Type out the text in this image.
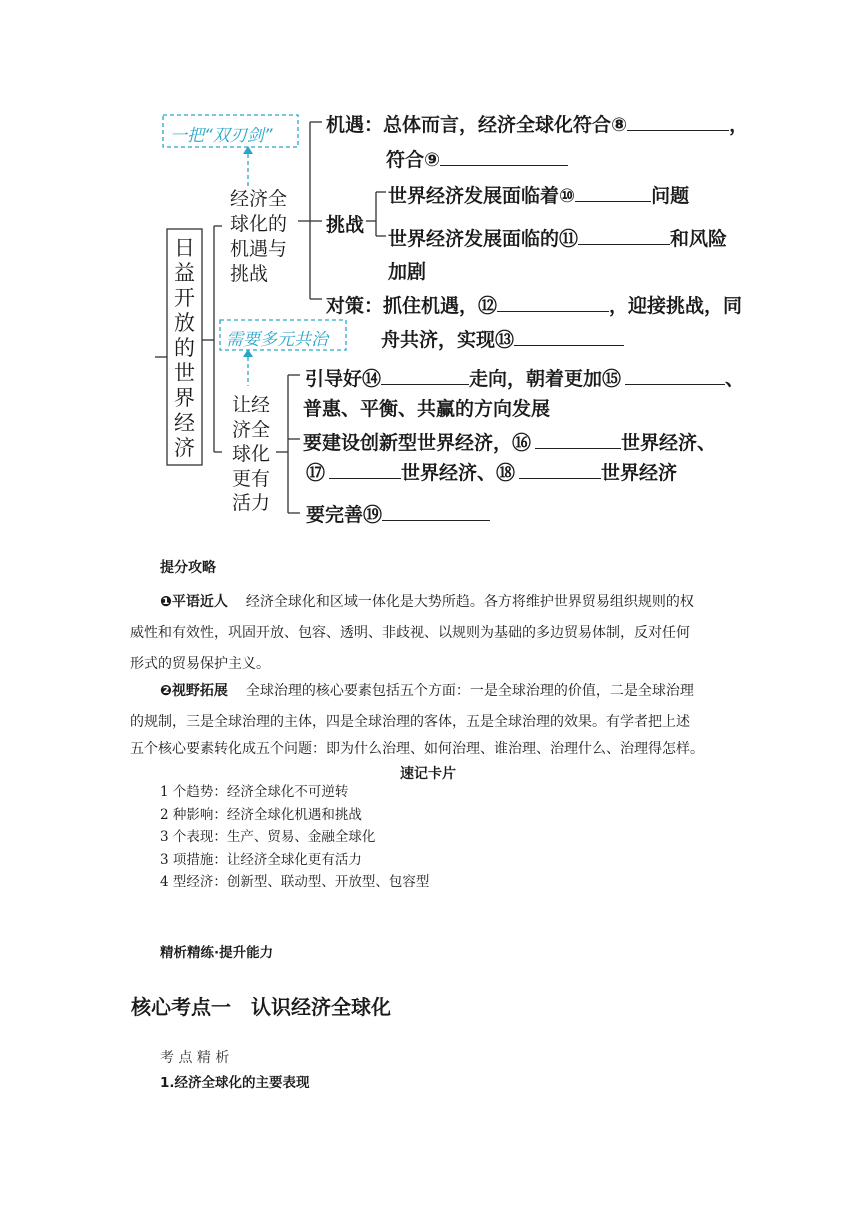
日益开放的世界经济
一把“双刃剑”
需要多元共治
经济全
球化的
机遇与
挑战
机遇：总体而言，经济全球化符合⑧	，
符合⑨
挑战
世界经济发展面临着⑩	问题
世界经济发展面临的⑪	和风险
加剧
对策：抓住机遇，⑫	，迎接挑战，同
舟共济，实现⑬
让经
济全
球化
更有
活力
引导好⑭	走向，朝着更加⑮	、
普惠、平衡、共赢的方向发展
要建设创新型世界经济，⑯	世界经济、
⑰	世界经济、⑱	世界经济
要完善⑲
提分攻略
❶平语近人 经济全球化和区域一体化是大势所趋。各方将维护世界贸易组织规则的权
威性和有效性，巩固开放、包容、透明、非歧视、以规则为基础的多边贸易体制，反对任何
形式的贸易保护主义。
❷视野拓展 全球治理的核心要素包括五个方面：一是全球治理的价值，二是全球治理
的规制，三是全球治理的主体，四是全球治理的客体，五是全球治理的效果。有学者把上述
五个核心要素转化成五个问题：即为什么治理、如何治理、谁治理、治理什么、治理得怎样。
速记卡片
1 个趋势：经济全球化不可逆转
2 种影响：经济全球化机遇和挑战
3 个表现：生产、贸易、金融全球化
3 项措施：让经济全球化更有活力
4 型经济：创新型、联动型、开放型、包容型
精析精练·提升能力
核心考点一　认识经济全球化
考 点 精 析
1.经济全球化的主要表现
